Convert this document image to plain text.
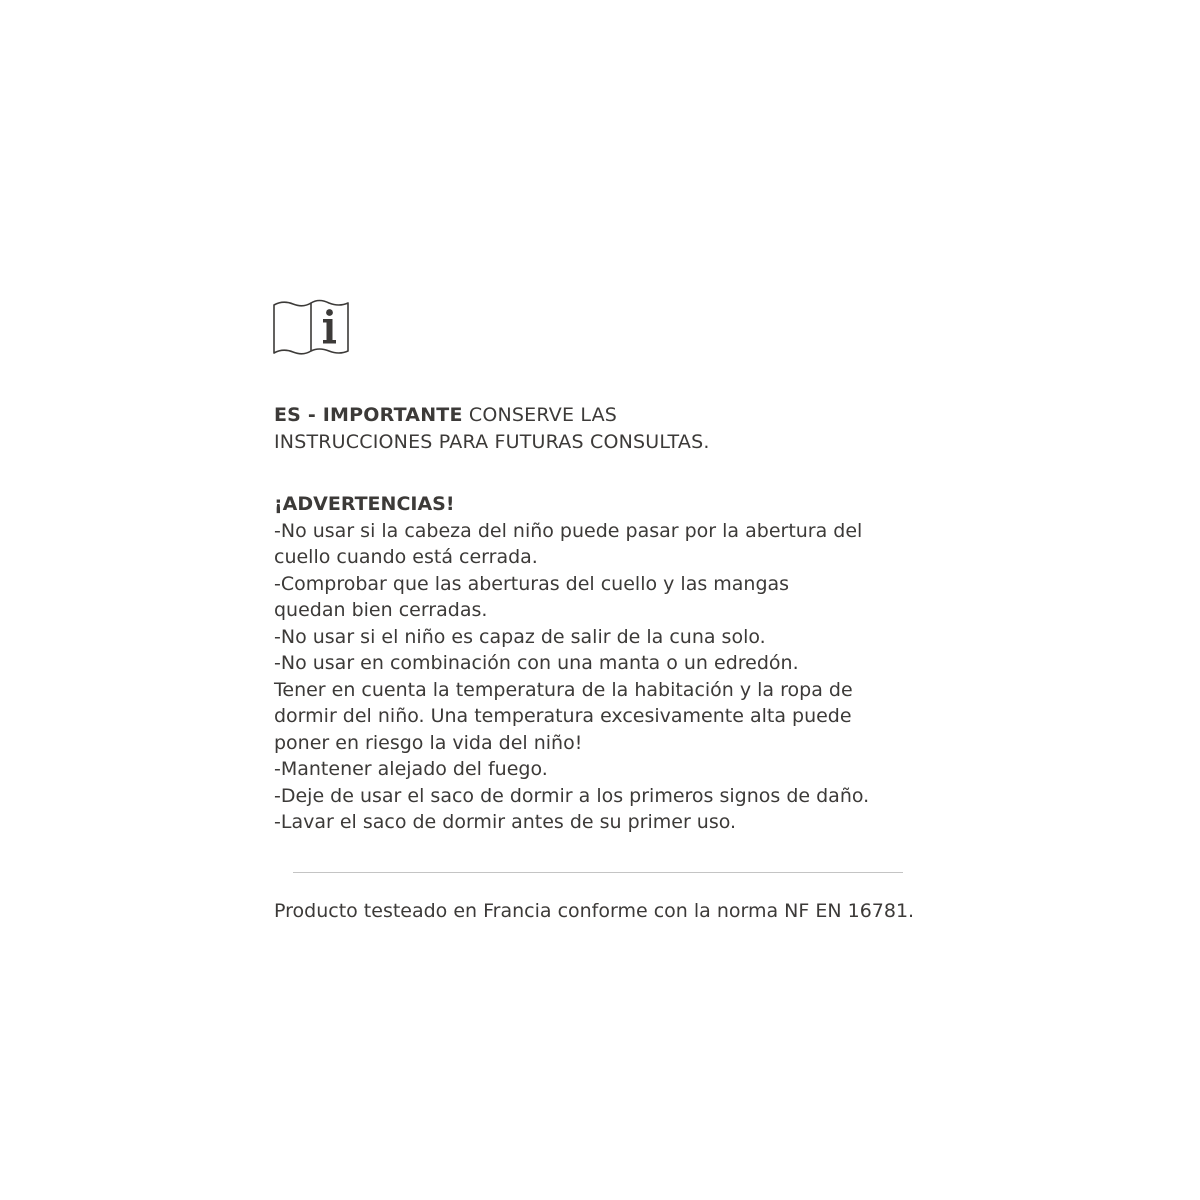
ES - IMPORTANTE CONSERVE LAS
INSTRUCCIONES PARA FUTURAS CONSULTAS.
¡ADVERTENCIAS!
-No usar si la cabeza del niño puede pasar por la abertura del
cuello cuando está cerrada.
-Comprobar que las aberturas del cuello y las mangas
quedan bien cerradas.
-No usar si el niño es capaz de salir de la cuna solo.
-No usar en combinación con una manta o un edredón.
Tener en cuenta la temperatura de la habitación y la ropa de
dormir del niño. Una temperatura excesivamente alta puede
poner en riesgo la vida del niño!
-Mantener alejado del fuego.
-Deje de usar el saco de dormir a los primeros signos de daño.
-Lavar el saco de dormir antes de su primer uso.
Producto testeado en Francia conforme con la norma NF EN 16781.
